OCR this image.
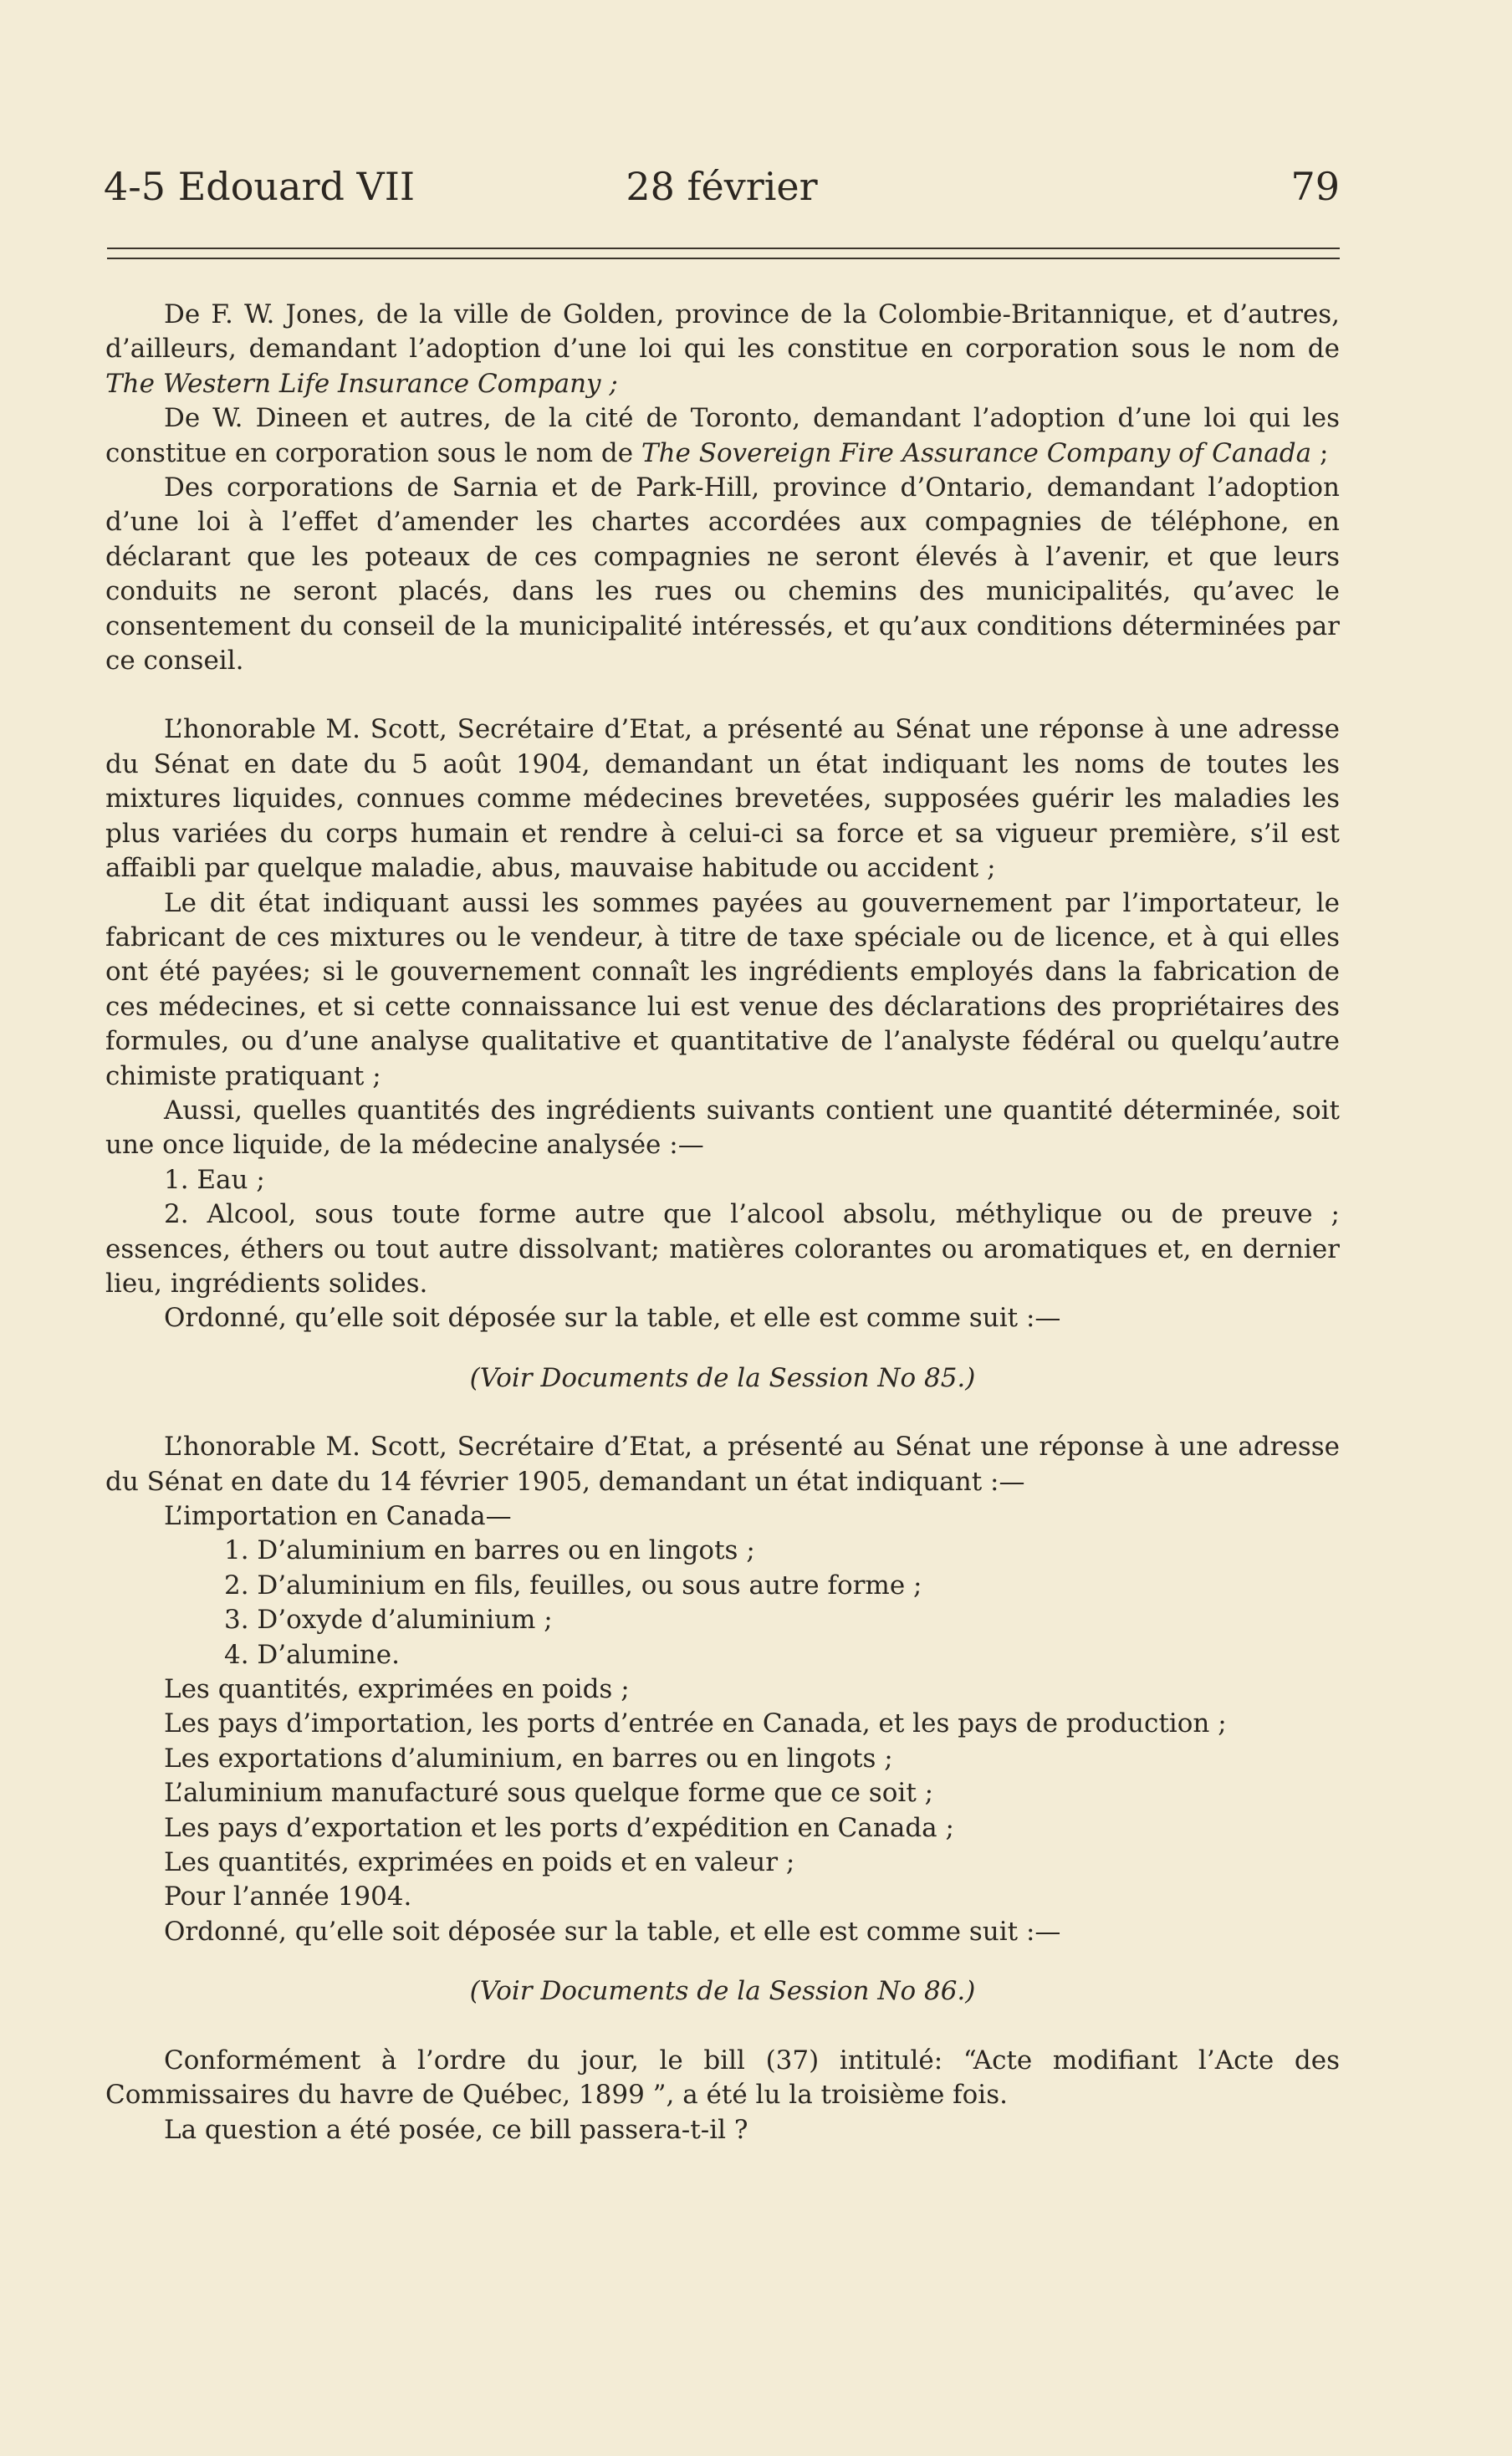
4-5 Edouard VII	28 février	79

De F. W. Jones, de la ville de Golden, province de la Colombie-Britannique, et d’autres, d’ailleurs, demandant l’adoption d’une loi qui les constitue en corporation sous le nom de The Western Life Insurance Company ;

De W. Dineen et autres, de la cité de Toronto, demandant l’adoption d’une loi qui les constitue en corporation sous le nom de The Sovereign Fire Assurance Company of Canada ;

Des corporations de Sarnia et de Park-Hill, province d’Ontario, demandant l’adoption d’une loi à l’effet d’amender les chartes accordées aux compagnies de téléphone, en déclarant que les poteaux de ces compagnies ne seront élevés à l’avenir, et que leurs conduits ne seront placés, dans les rues ou chemins des municipalités, qu’avec le consentement du conseil de la municipalité intéressés, et qu’aux conditions déterminées par ce conseil.

L’honorable M. Scott, Secrétaire d’Etat, a présenté au Sénat une réponse à une adresse du Sénat en date du 5 août 1904, demandant un état indiquant les noms de toutes les mixtures liquides, connues comme médecines brevetées, supposées guérir les maladies les plus variées du corps humain et rendre à celui-ci sa force et sa vigueur première, s’il est affaibli par quelque maladie, abus, mauvaise habitude ou accident ;

Le dit état indiquant aussi les sommes payées au gouvernement par l’importateur, le fabricant de ces mixtures ou le vendeur, à titre de taxe spéciale ou de licence, et à qui elles ont été payées; si le gouvernement connaît les ingrédients employés dans la fabrication de ces médecines, et si cette connaissance lui est venue des déclarations des propriétaires des formules, ou d’une analyse qualitative et quantitative de l’analyste fédéral ou quelqu’autre chimiste pratiquant ;

Aussi, quelles quantités des ingrédients suivants contient une quantité déterminée, soit une once liquide, de la médecine analysée :—

1. Eau ;

2. Alcool, sous toute forme autre que l’alcool absolu, méthylique ou de preuve ; essences, éthers ou tout autre dissolvant; matières colorantes ou aromatiques et, en dernier lieu, ingrédients solides.

Ordonné, qu’elle soit déposée sur la table, et elle est comme suit :—

(Voir Documents de la Session No 85.)

L’honorable M. Scott, Secrétaire d’Etat, a présenté au Sénat une réponse à une adresse du Sénat en date du 14 février 1905, demandant un état indiquant :—

L’importation en Canada—

1. D’aluminium en barres ou en lingots ;

2. D’aluminium en fils, feuilles, ou sous autre forme ;

3. D’oxyde d’aluminium ;

4. D’alumine.

Les quantités, exprimées en poids ;

Les pays d’importation, les ports d’entrée en Canada, et les pays de production ;

Les exportations d’aluminium, en barres ou en lingots ;

L’aluminium manufacturé sous quelque forme que ce soit ;

Les pays d’exportation et les ports d’expédition en Canada ;

Les quantités, exprimées en poids et en valeur ;

Pour l’année 1904.

Ordonné, qu’elle soit déposée sur la table, et elle est comme suit :—

(Voir Documents de la Session No 86.)

Conformément à l’ordre du jour, le bill (37) intitulé: “Acte modifiant l’Acte des Commissaires du havre de Québec, 1899 ”, a été lu la troisième fois.

La question a été posée, ce bill passera-t-il ?
